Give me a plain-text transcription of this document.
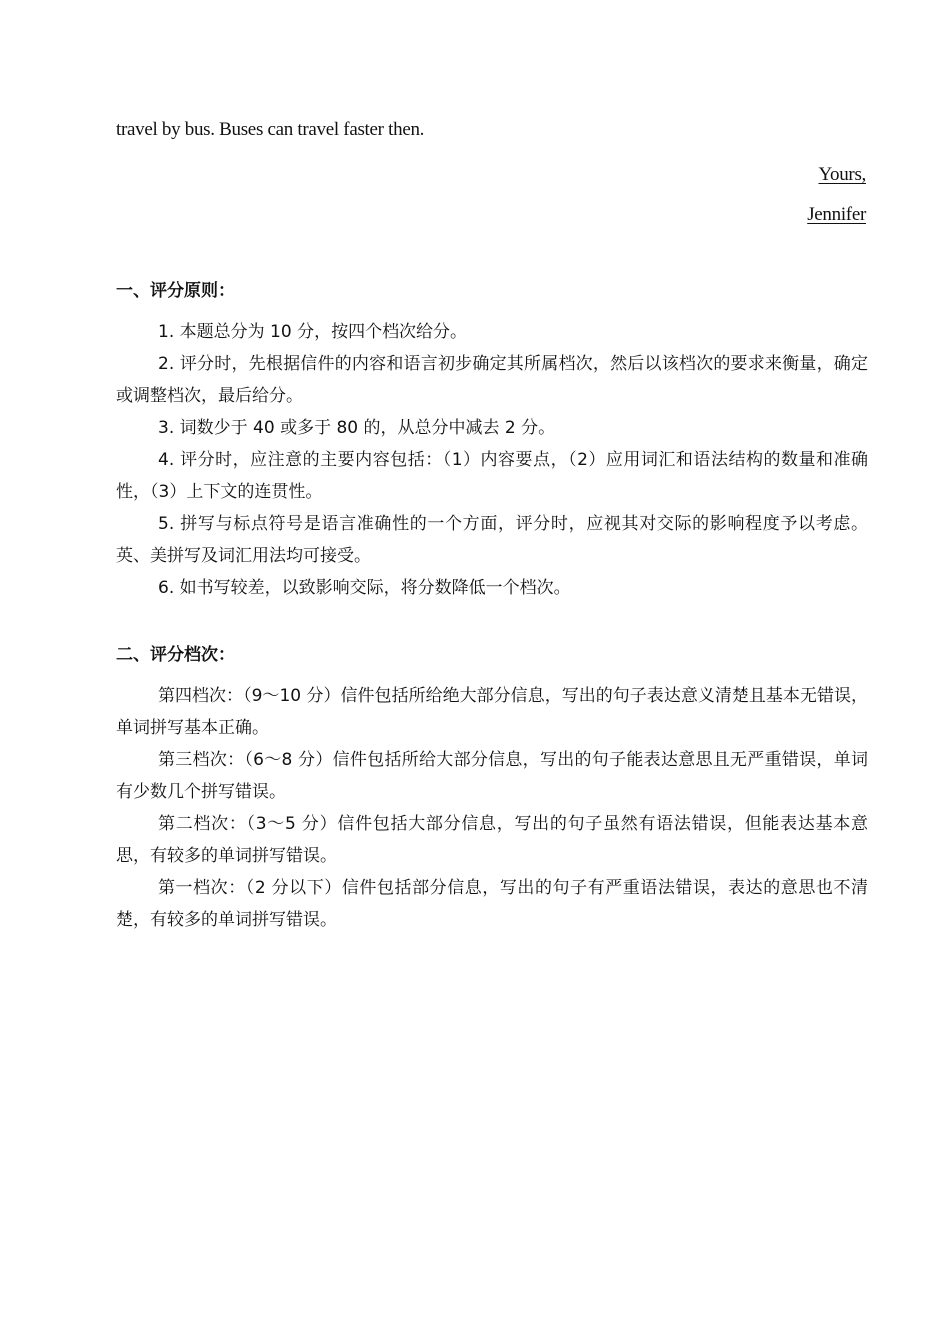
travel by bus. Buses can travel faster then.
Yours,
Jennifer

一、评分原则：

1. 本题总分为 10 分，按四个档次给分。

2. 评分时，先根据信件的内容和语言初步确定其所属档次，然后以该档次的要求来衡量，确定或调整档次，最后给分。

3. 词数少于 40 或多于 80 的，从总分中减去 2 分。

4. 评分时，应注意的主要内容包括：（1）内容要点，（2）应用词汇和语法结构的数量和准确性，（3）上下文的连贯性。

5. 拼写与标点符号是语言准确性的一个方面，评分时，应视其对交际的影响程度予以考虑。英、美拼写及词汇用法均可接受。

6. 如书写较差，以致影响交际，将分数降低一个档次。

二、评分档次：

第四档次：（9～10 分）信件包括所给绝大部分信息，写出的句子表达意义清楚且基本无错误，单词拼写基本正确。

第三档次：（6～8 分）信件包括所给大部分信息，写出的句子能表达意思且无严重错误，单词有少数几个拼写错误。

第二档次：（3～5 分）信件包括大部分信息，写出的句子虽然有语法错误，但能表达基本意思，有较多的单词拼写错误。

第一档次：（2 分以下）信件包括部分信息，写出的句子有严重语法错误，表达的意思也不清楚，有较多的单词拼写错误。
